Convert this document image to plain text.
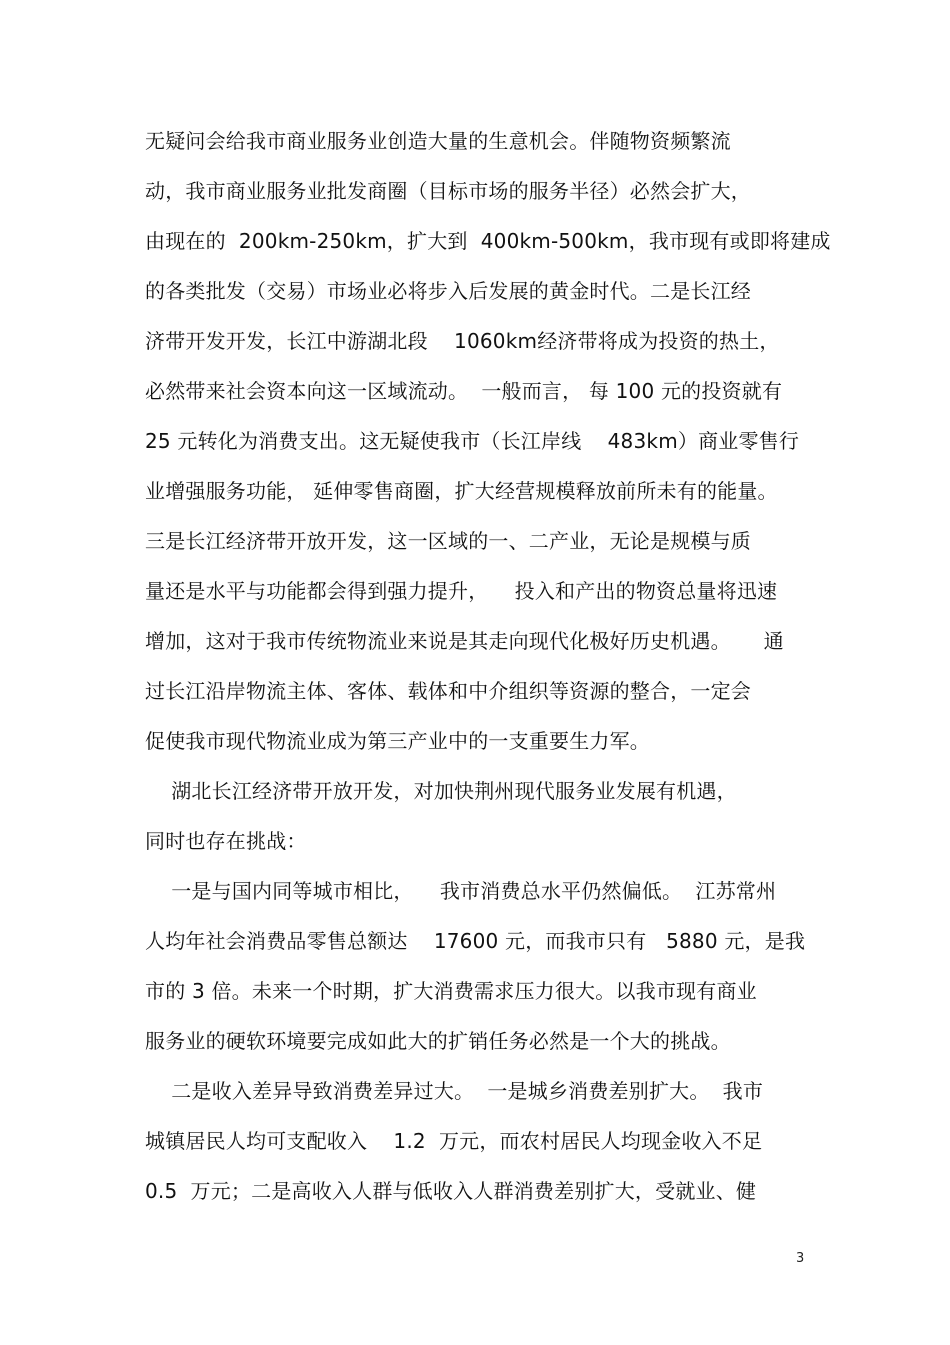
无疑问会给我市商业服务业创造大量的生意机会。伴随物资频繁流
动，我市商业服务业批发商圈（目标市场的服务半径）必然会扩大，
由现在的  200km-250km，扩大到  400km-500km，我市现有或即将建成
的各类批发（交易）市场业必将步入后发展的黄金时代。二是长江经
济带开发开发，长江中游湖北段    1060km经济带将成为投资的热土，
必然带来社会资本向这一区域流动。  一般而言， 每 100 元的投资就有
25 元转化为消费支出。这无疑使我市（长江岸线    483km）商业零售行
业增强服务功能， 延伸零售商圈，扩大经营规模释放前所未有的能量。
三是长江经济带开放开发，这一区域的一、二产业，无论是规模与质
量还是水平与功能都会得到强力提升，    投入和产出的物资总量将迅速
增加，这对于我市传统物流业来说是其走向现代化极好历史机遇。     通
过长江沿岸物流主体、客体、载体和中介组织等资源的整合，一定会
促使我市现代物流业成为第三产业中的一支重要生力军。
湖北长江经济带开放开发，对加快荆州现代服务业发展有机遇，
同时也存在挑战：
一是与国内同等城市相比，    我市消费总水平仍然偏低。  江苏常州
人均年社会消费品零售总额达    17600 元，而我市只有   5880 元，是我
市的 3 倍。未来一个时期，扩大消费需求压力很大。以我市现有商业
服务业的硬软环境要完成如此大的扩销任务必然是一个大的挑战。
二是收入差异导致消费差异过大。  一是城乡消费差别扩大。  我市
城镇居民人均可支配收入    1.2  万元，而农村居民人均现金收入不足
0.5  万元；二是高收入人群与低收入人群消费差别扩大，受就业、健
3
